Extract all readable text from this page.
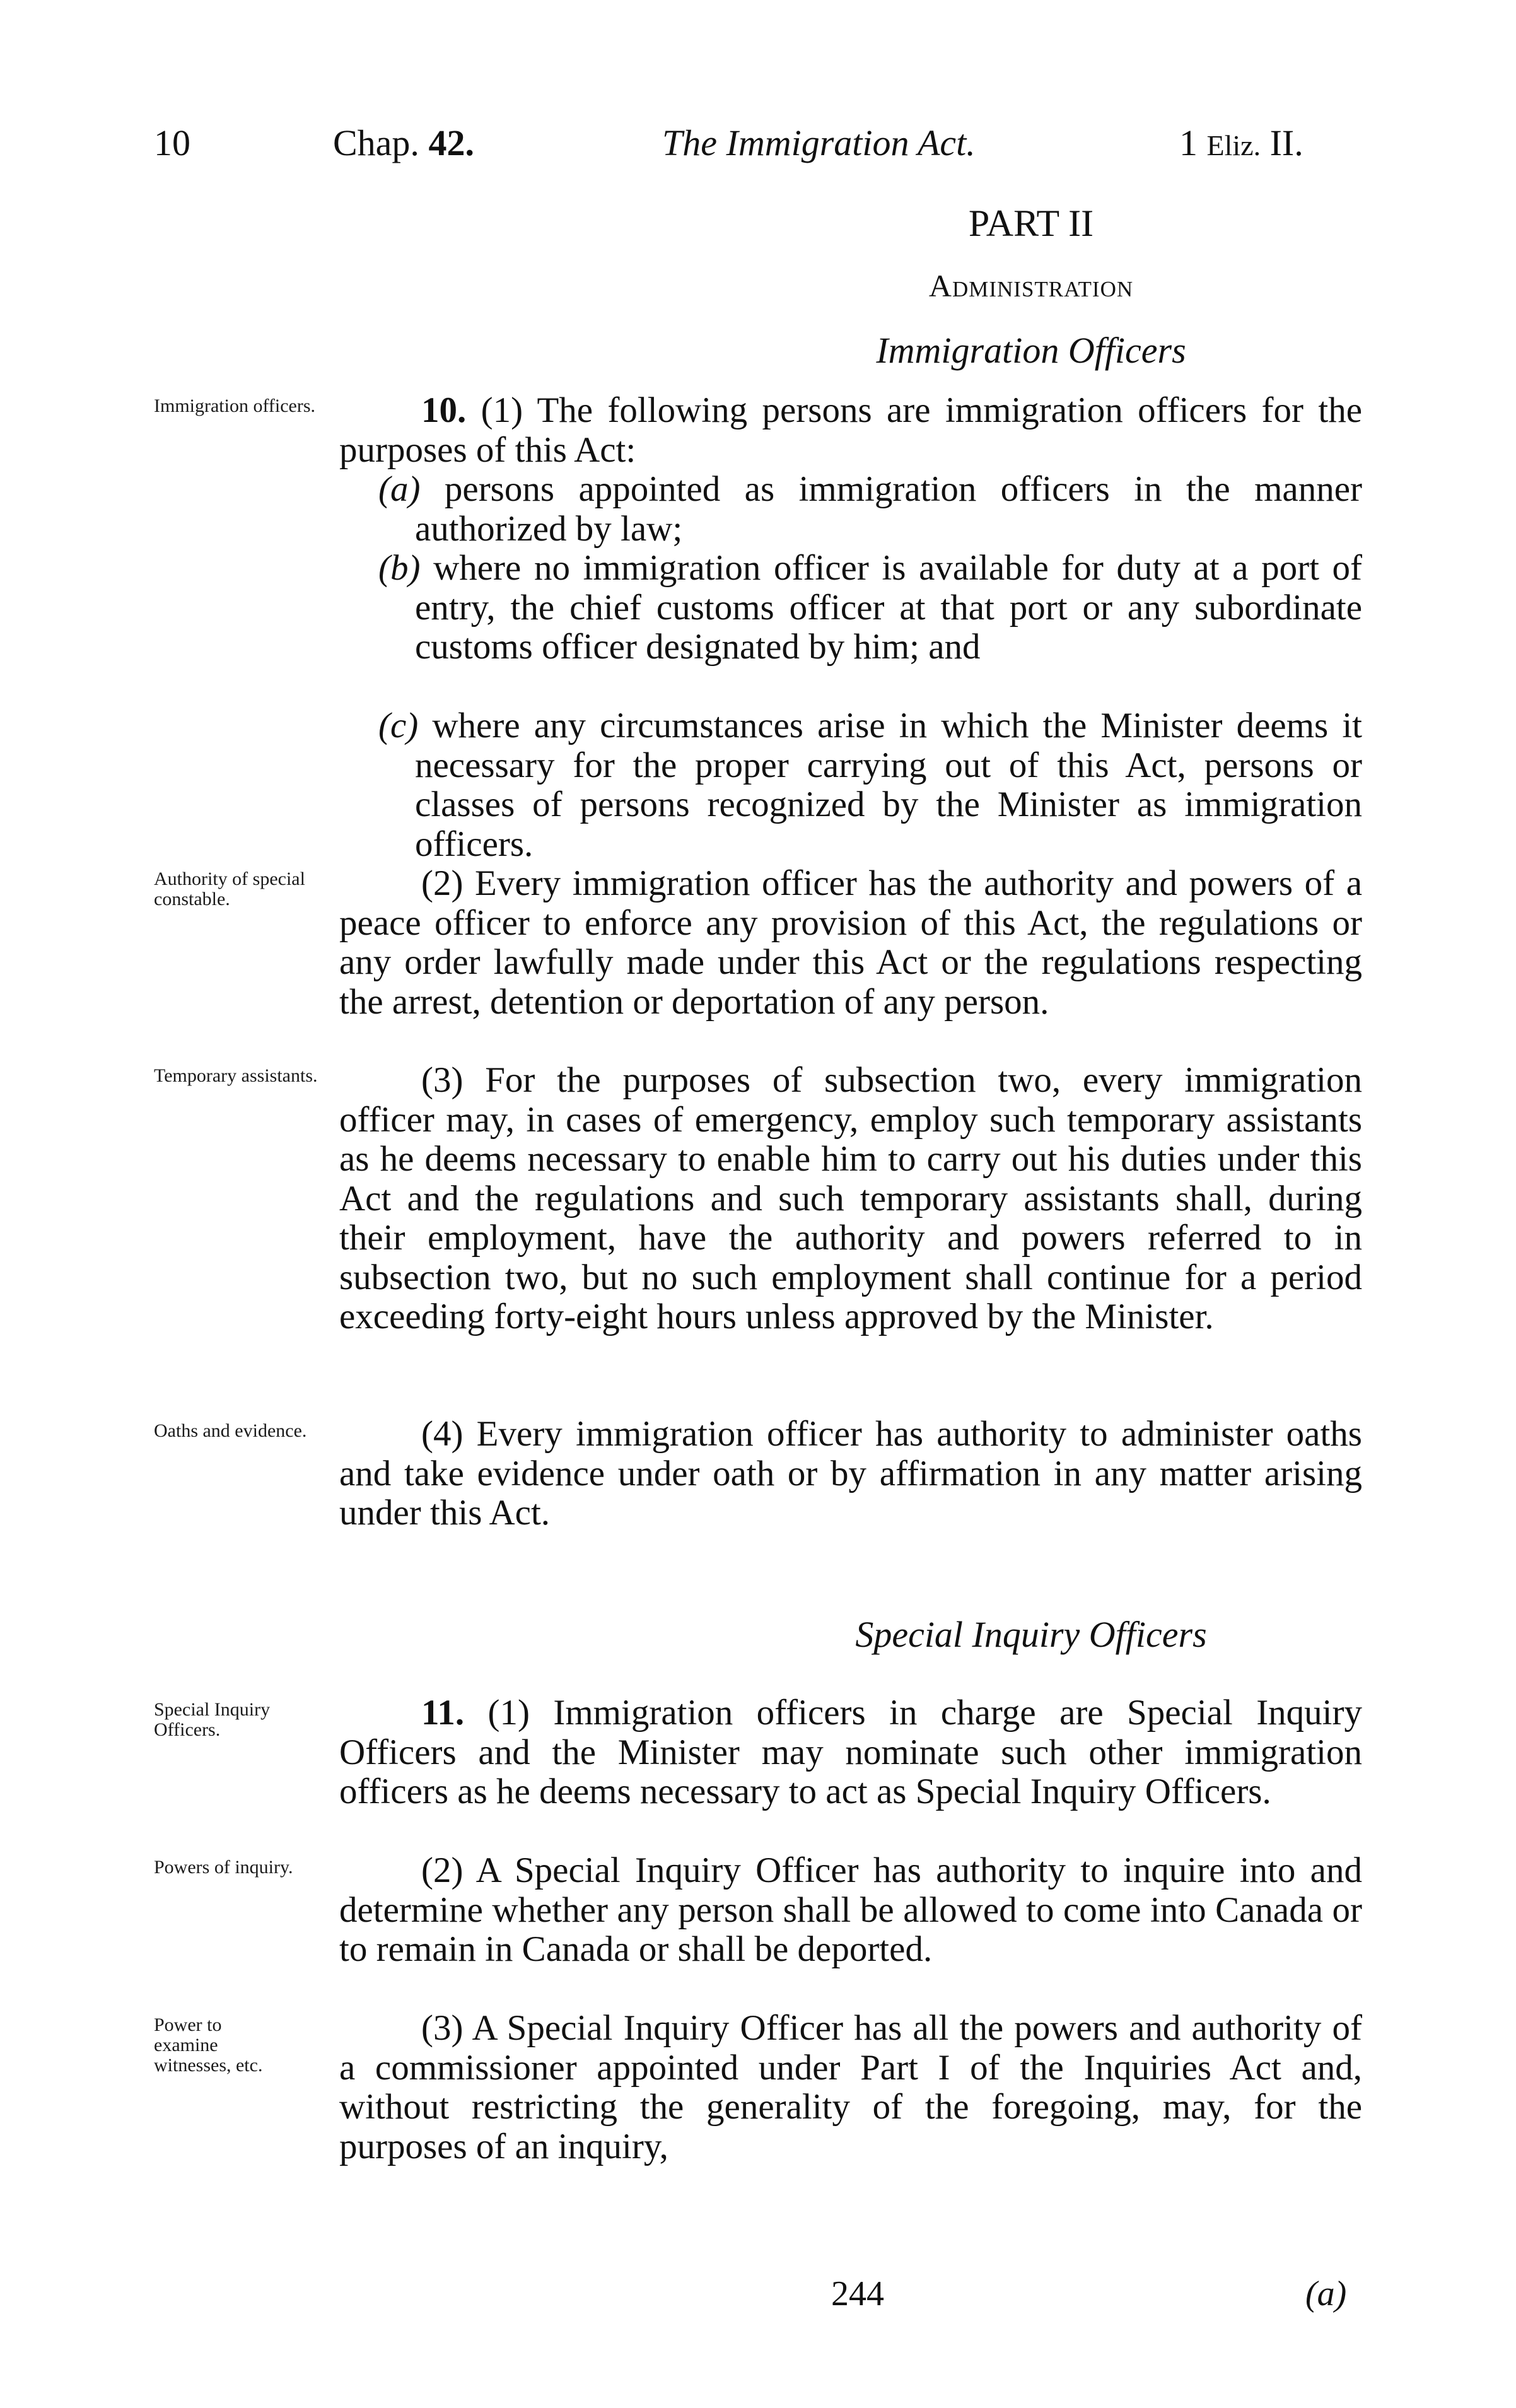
10	Chap. 42.	The Immigration Act.	1 Eliz. II.
PART II
Administration
Immigration Officers
10. (1) The following persons are immigration officers for the purposes of this Act:
(a) persons appointed as immigration officers in the manner authorized by law;
(b) where no immigration officer is available for duty at a port of entry, the chief customs officer at that port or any subordinate customs officer designated by him; and
(c) where any circumstances arise in which the Minister deems it necessary for the proper carrying out of this Act, persons or classes of persons recognized by the Minister as immigration officers.
(2) Every immigration officer has the authority and powers of a peace officer to enforce any provision of this Act, the regulations or any order lawfully made under this Act or the regulations respecting the arrest, detention or deportation of any person.
(3) For the purposes of subsection two, every immigration officer may, in cases of emergency, employ such temporary assistants as he deems necessary to enable him to carry out his duties under this Act and the regulations and such temporary assistants shall, during their employment, have the authority and powers referred to in subsection two, but no such employment shall continue for a period exceeding forty-eight hours unless approved by the Minister.
(4) Every immigration officer has authority to administer oaths and take evidence under oath or by affirmation in any matter arising under this Act.
Special Inquiry Officers
11. (1) Immigration officers in charge are Special Inquiry Officers and the Minister may nominate such other immigration officers as he deems necessary to act as Special Inquiry Officers.
(2) A Special Inquiry Officer has authority to inquire into and determine whether any person shall be allowed to come into Canada or to remain in Canada or shall be deported.
(3) A Special Inquiry Officer has all the powers and authority of a commissioner appointed under Part I of the Inquiries Act and, without restricting the generality of the foregoing, may, for the purposes of an inquiry,
Immigration officers.
Authority of special constable.
Temporary assistants.
Oaths and evidence.
Special Inquiry Officers.
Powers of inquiry.
Power to examine witnesses, etc.
244	(a)
